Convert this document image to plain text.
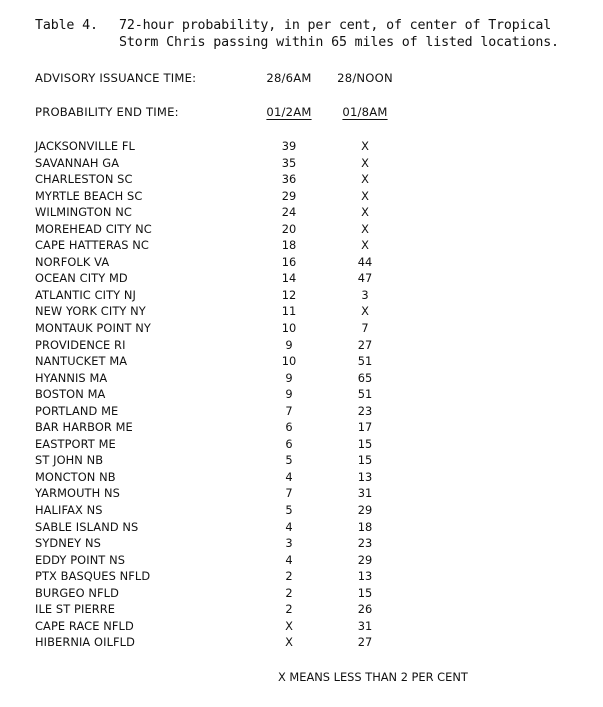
Table 4. 72-hour probability, in per cent, of center of Tropical
Storm Chris passing within 65 miles of listed locations.
ADVISORY ISSUANCE TIME:	28/6AM	28/NOON
PROBABILITY END TIME:	01/2AM	01/8AM
JACKSONVILLE FL	39	X
SAVANNAH GA	35	X
CHARLESTON SC	36	X
MYRTLE BEACH SC	29	X
WILMINGTON NC	24	X
MOREHEAD CITY NC	20	X
CAPE HATTERAS NC	18	X
NORFOLK VA	16	44
OCEAN CITY MD	14	47
ATLANTIC CITY NJ	12	3
NEW YORK CITY NY	11	X
MONTAUK POINT NY	10	7
PROVIDENCE RI	9	27
NANTUCKET MA	10	51
HYANNIS MA	9	65
BOSTON MA	9	51
PORTLAND ME	7	23
BAR HARBOR ME	6	17
EASTPORT ME	6	15
ST JOHN NB	5	15
MONCTON NB	4	13
YARMOUTH NS	7	31
HALIFAX NS	5	29
SABLE ISLAND NS	4	18
SYDNEY NS	3	23
EDDY POINT NS	4	29
PTX BASQUES NFLD	2	13
BURGEO NFLD	2	15
ILE ST PIERRE	2	26
CAPE RACE NFLD	X	31
HIBERNIA OILFLD	X	27
X MEANS LESS THAN 2 PER CENT
